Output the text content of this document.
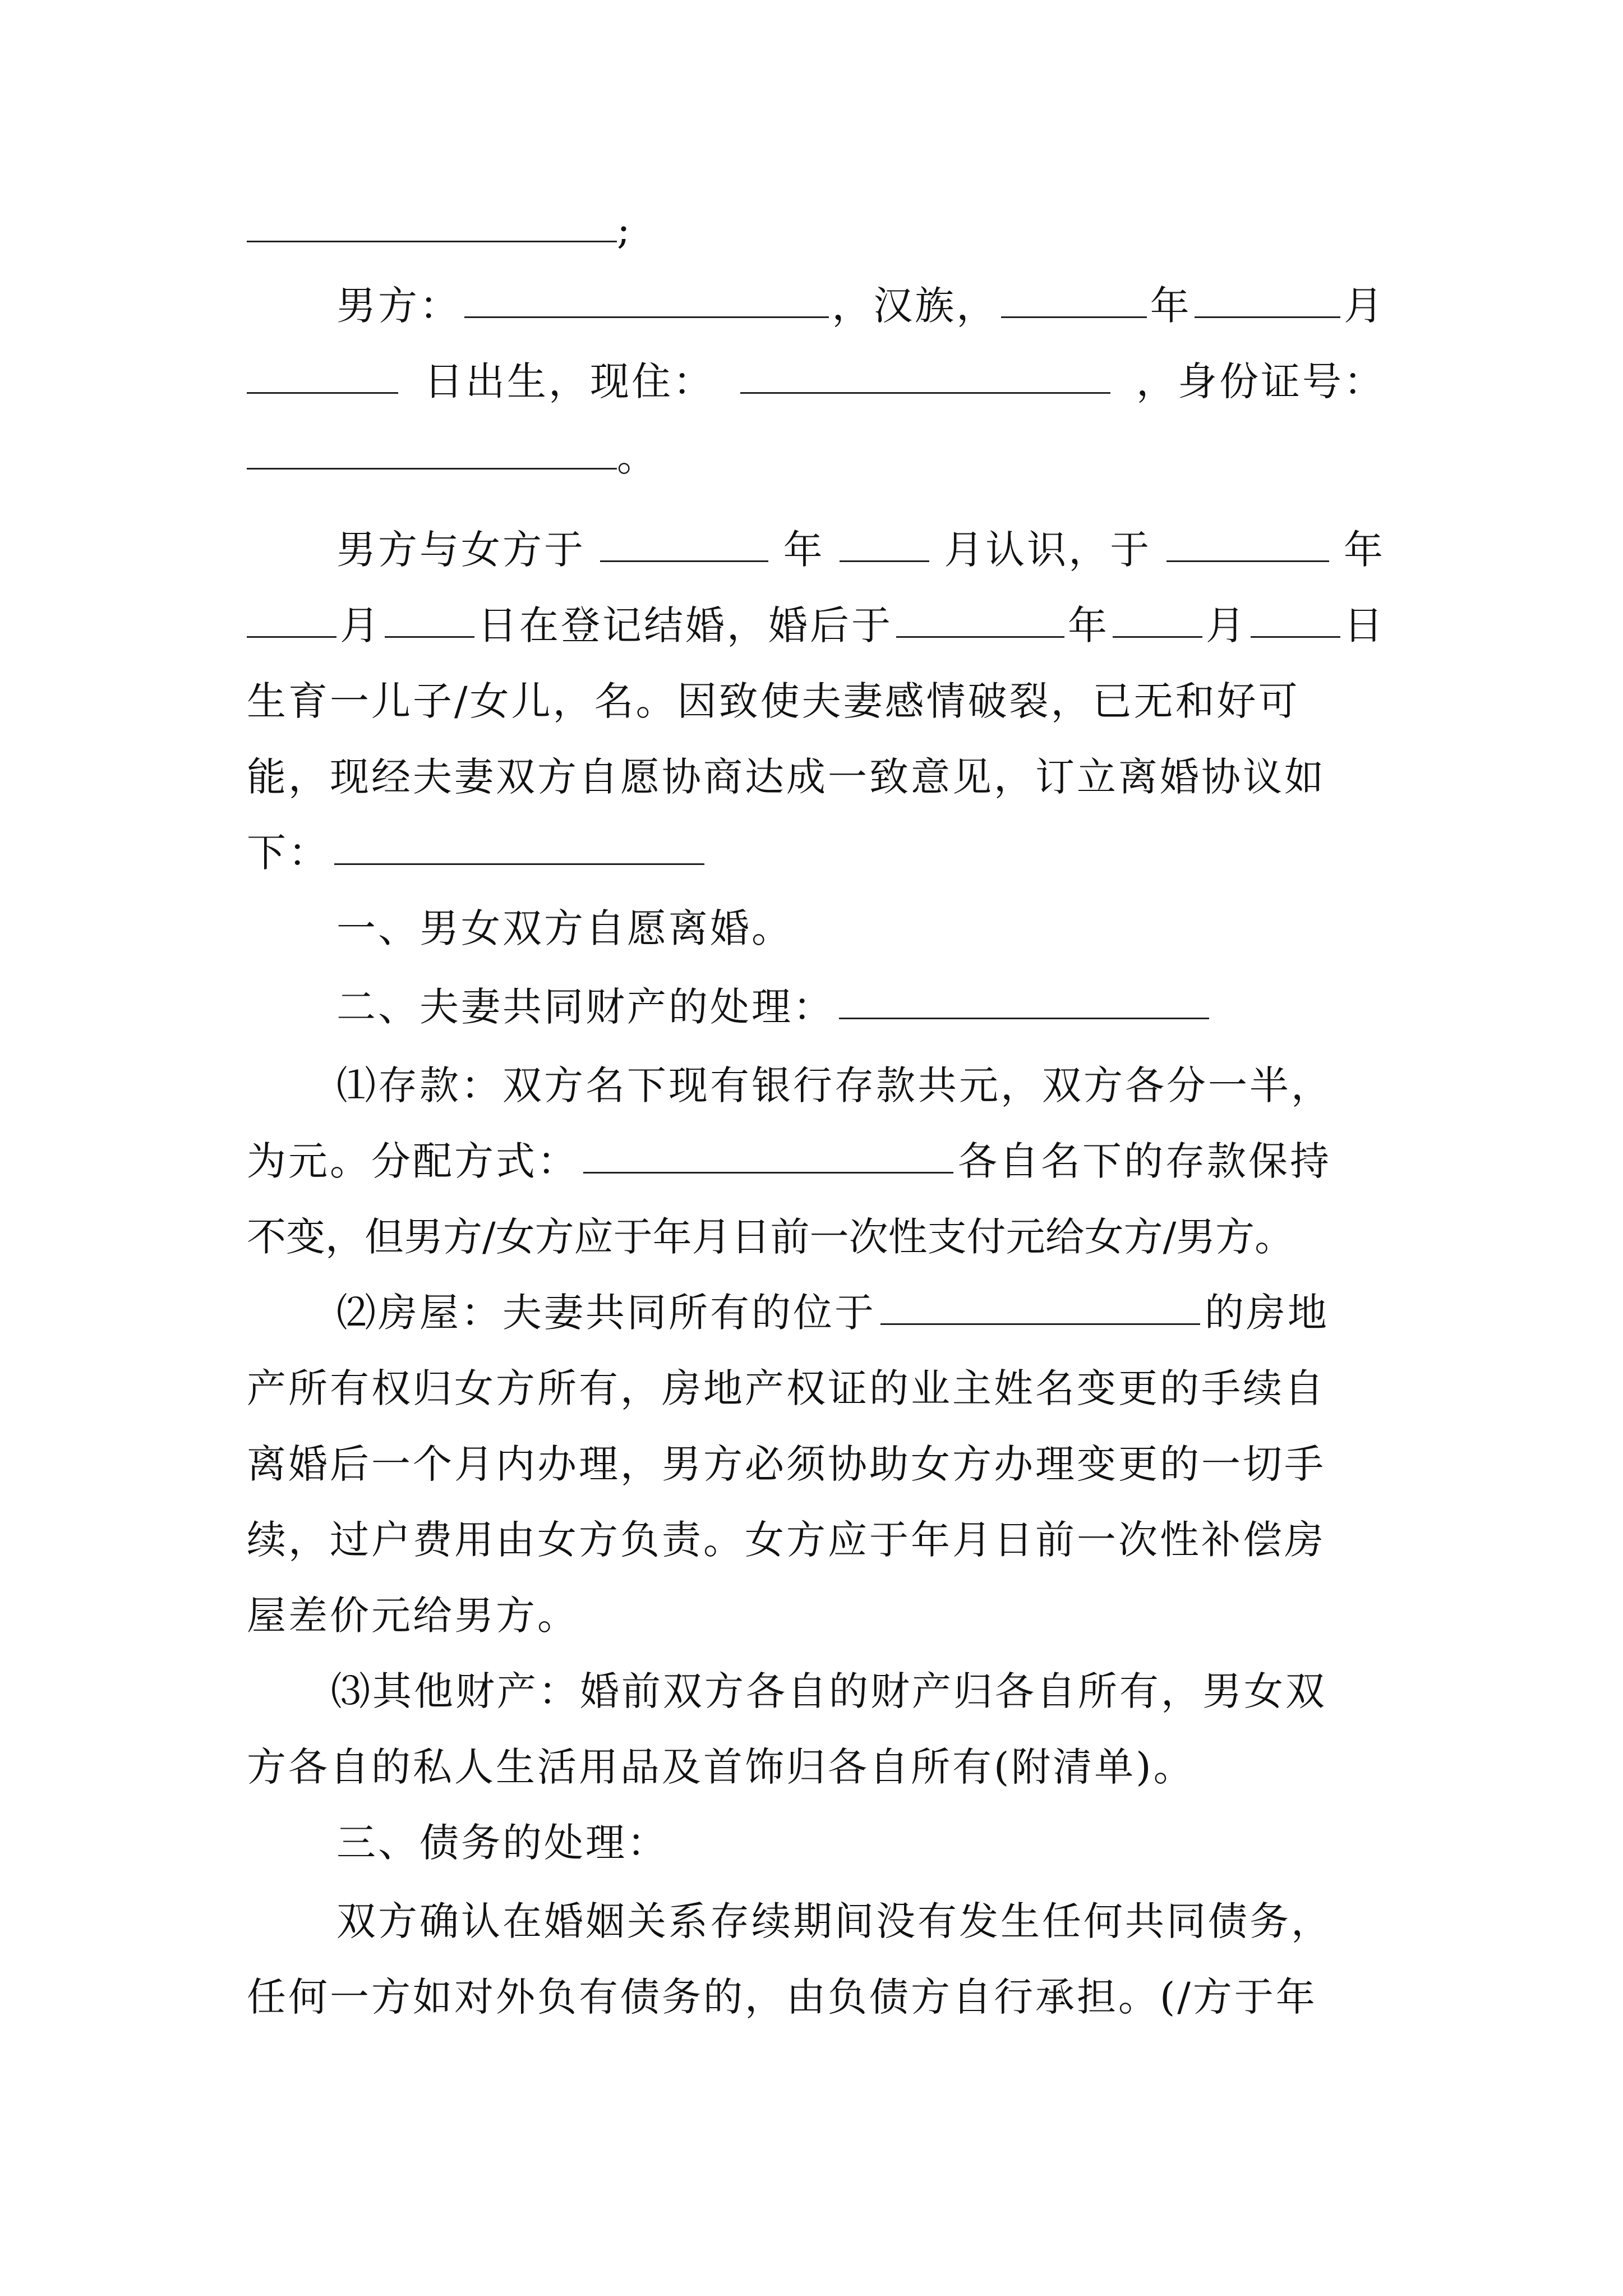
;
男方：	，汉族，	年	月
日出生，现住：	，身份证号：
。
男方与女方于	年	月认识，于	年
月 日在登记结婚，婚后于	年 月 日
生育一儿子/女儿，名。因致使夫妻感情破裂，已无和好可
能，现经夫妻双方自愿协商达成一致意见，订立离婚协议如
下：
一、男女双方自愿离婚。
二、夫妻共同财产的处理：
⑴存款：双方名下现有银行存款共元，双方各分一半，
为元。分配方式：	各自名下的存款保持
不变，但男方/女方应于年月日前一次性支付元给女方/男方。
⑵房屋：夫妻共同所有的位于	的房地
产所有权归女方所有，房地产权证的业主姓名变更的手续自
离婚后一个月内办理，男方必须协助女方办理变更的一切手
续，过户费用由女方负责。女方应于年月日前一次性补偿房
屋差价元给男方。
⑶其他财产：婚前双方各自的财产归各自所有，男女双
方各自的私人生活用品及首饰归各自所有(附清单)。
三、债务的处理：
双方确认在婚姻关系存续期间没有发生任何共同债务，
任何一方如对外负有债务的，由负债方自行承担。(/方于年
